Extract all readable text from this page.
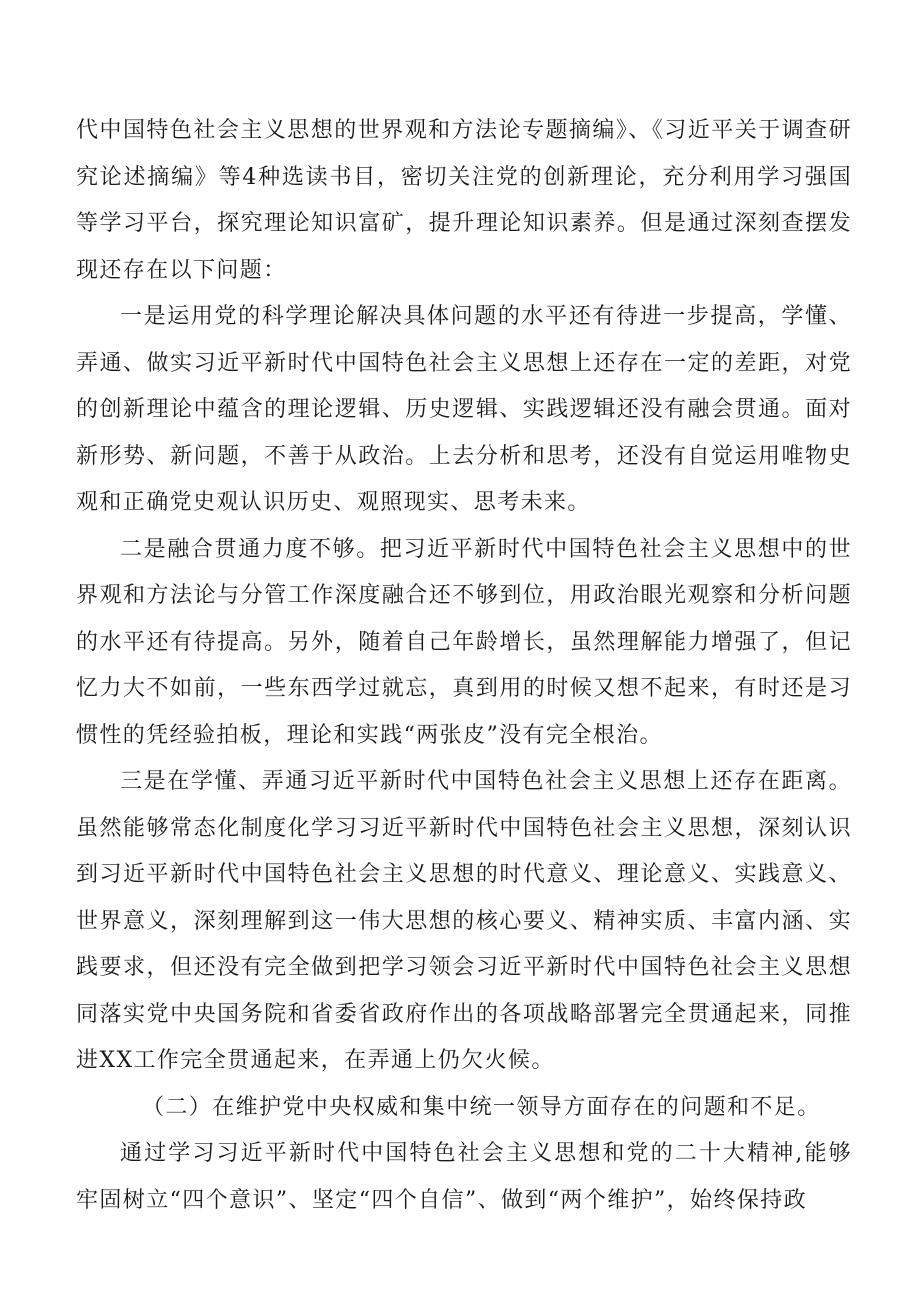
代中国特色社会主义思想的世界观和方法论专题摘编》、《习近平关于调查研究论述摘编》等4种选读书目，密切关注党的创新理论，充分利用学习强国等学习平台，探究理论知识富矿，提升理论知识素养。但是通过深刻查摆发现还存在以下问题：

一是运用党的科学理论解决具体问题的水平还有待进一步提高，学懂、弄通、做实习近平新时代中国特色社会主义思想上还存在一定的差距，对党的创新理论中蕴含的理论逻辑、历史逻辑、实践逻辑还没有融会贯通。面对新形势、新问题，不善于从政治。上去分析和思考，还没有自觉运用唯物史观和正确党史观认识历史、观照现实、思考未来。

二是融合贯通力度不够。把习近平新时代中国特色社会主义思想中的世界观和方法论与分管工作深度融合还不够到位，用政治眼光观察和分析问题的水平还有待提高。另外，随着自己年龄增长，虽然理解能力增强了，但记忆力大不如前，一些东西学过就忘，真到用的时候又想不起来，有时还是习惯性的凭经验拍板，理论和实践“两张皮”没有完全根治。

三是在学懂、弄通习近平新时代中国特色社会主义思想上还存在距离。虽然能够常态化制度化学习习近平新时代中国特色社会主义思想，深刻认识到习近平新时代中国特色社会主义思想的时代意义、理论意义、实践意义、世界意义，深刻理解到这一伟大思想的核心要义、精神实质、丰富内涵、实践要求，但还没有完全做到把学习领会习近平新时代中国特色社会主义思想同落实党中央国务院和省委省政府作出的各项战略部署完全贯通起来，同推进XX工作完全贯通起来，在弄通上仍欠火候。

（二）在维护党中央权威和集中统一领导方面存在的问题和不足。

通过学习习近平新时代中国特色社会主义思想和党的二十大精神,能够牢固树立“四个意识”、坚定“四个自信”、做到“两个维护”，始终保持政
